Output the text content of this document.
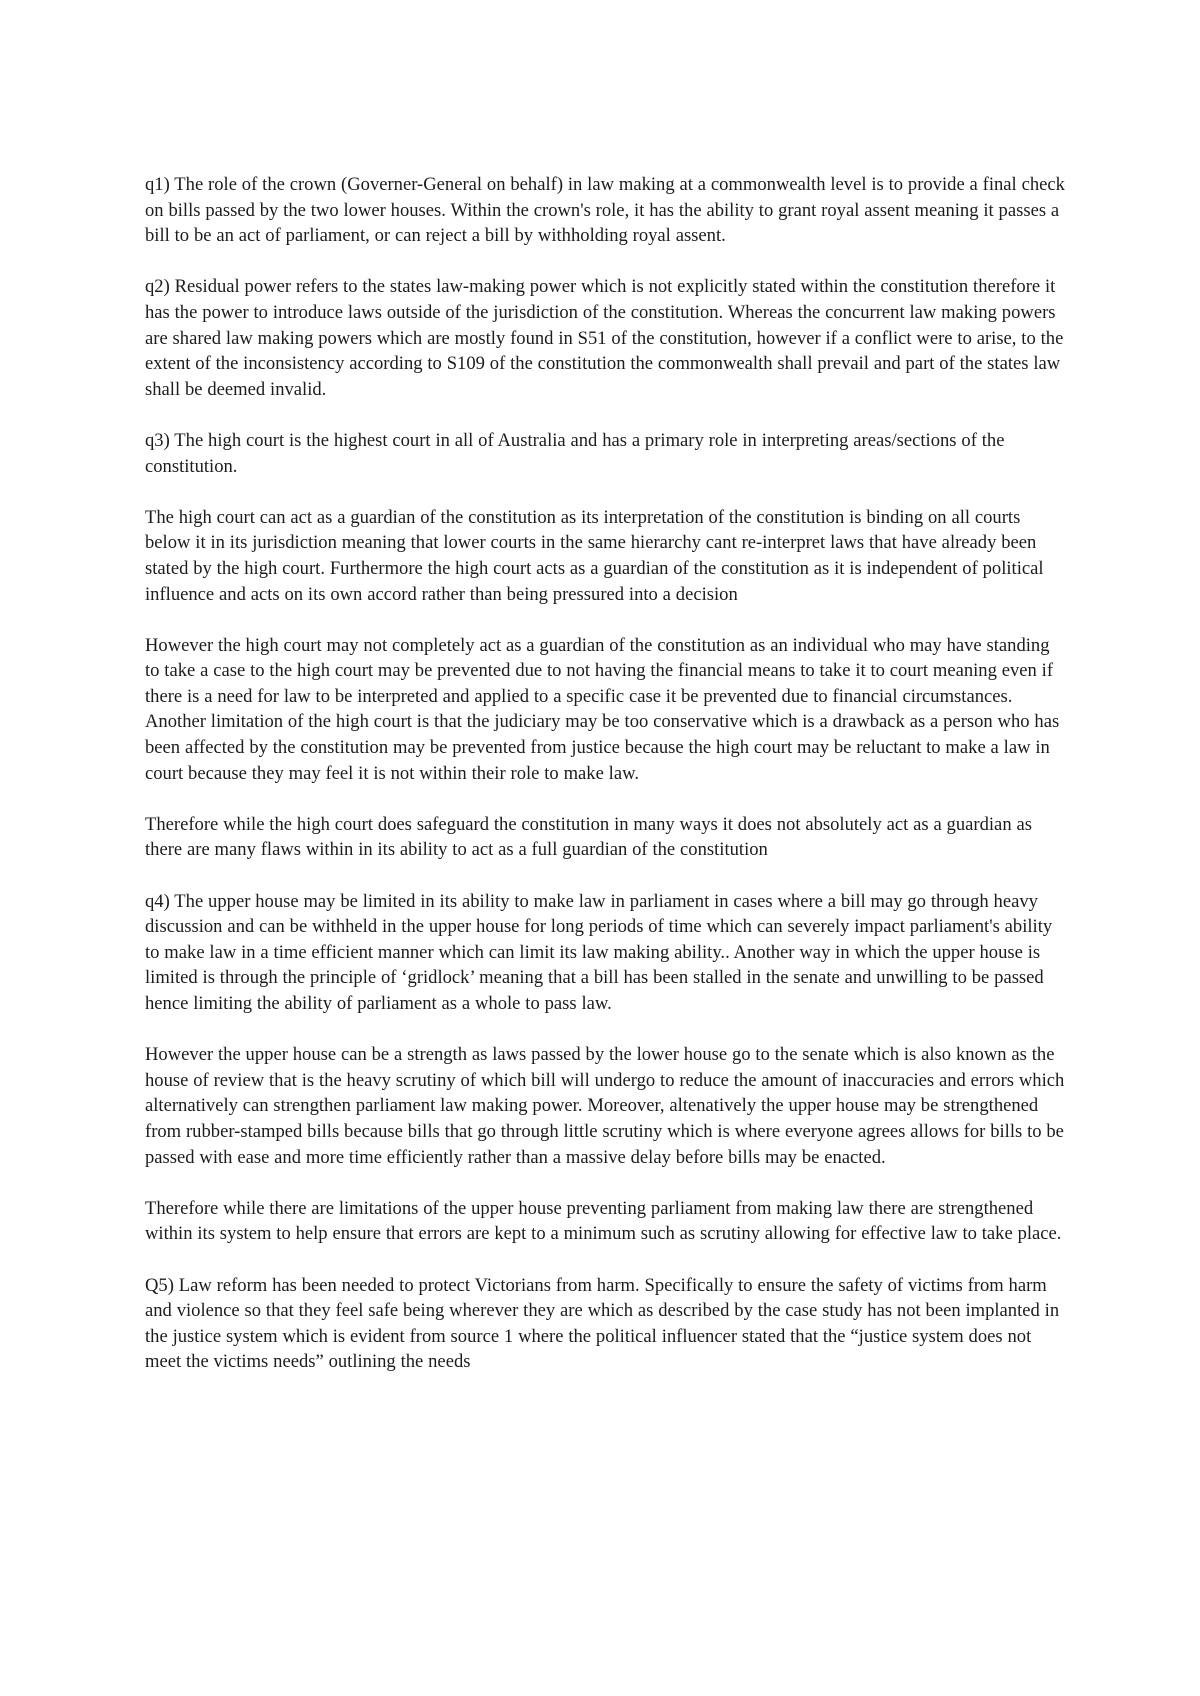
q1) The role of the crown (Governer-General on behalf) in law making at a commonwealth level is to provide a final check on bills passed by the two lower houses. Within the crown's role, it has the ability to grant royal assent meaning it passes a bill to be an act of parliament, or can reject a bill by withholding royal assent.

q2) Residual power refers to the states law-making power which is not explicitly stated within the constitution therefore it has the power to introduce laws outside of the jurisdiction of the constitution. Whereas the concurrent law making powers are shared law making powers which are mostly found in S51 of the constitution, however if a conflict were to arise, to the extent of the inconsistency according to S109 of the constitution the commonwealth shall prevail and part of the states law shall be deemed invalid.

q3) The high court is the highest court in all of Australia and has a primary role in interpreting areas/sections of the constitution.

The high court can act as a guardian of the constitution as its interpretation of the constitution is binding on all courts below it in its jurisdiction meaning that lower courts in the same hierarchy cant re-interpret laws that have already been stated by the high court. Furthermore the high court acts as a guardian of the constitution as it is independent of political influence and acts on its own accord rather than being pressured into a decision

However the high court may not completely act as a guardian of the constitution as an individual who may have standing to take a case to the high court may be prevented due to not having the financial means to take it to court meaning even if there is a need for law to be interpreted and applied to a specific case it be prevented due to financial circumstances. Another limitation of the high court is that the judiciary may be too conservative which is a drawback as a person who has been affected by the constitution may be prevented from justice because the high court may be reluctant to make a law in court because they may feel it is not within their role to make law.

Therefore while the high court does safeguard the constitution in many ways it does not absolutely act as a guardian as there are many flaws within in its ability to act as a full guardian of the constitution

q4) The upper house may be limited in its ability to make law in parliament in cases where a bill may go through heavy discussion and can be withheld in the upper house for long periods of time which can severely impact parliament's ability to make law in a time efficient manner which can limit its law making ability.. Another way in which the upper house is limited is through the principle of ‘gridlock’ meaning that a bill has been stalled in the senate and unwilling to be passed hence limiting the ability of parliament as a whole to pass law.

However the upper house can be a strength as laws passed by the lower house go to the senate which is also known as the house of review that is the heavy scrutiny of which bill will undergo to reduce the amount of inaccuracies and errors which alternatively can strengthen parliament law making power. Moreover, altenatively the upper house may be strengthened from rubber-stamped bills because bills that go through little scrutiny which is where everyone agrees allows for bills to be passed with ease and more time efficiently rather than a massive delay before bills may be enacted.

Therefore while there are limitations of the upper house preventing parliament from making law there are strengthened within its system to help ensure that errors are kept to a minimum such as scrutiny allowing for effective law to take place.

Q5) Law reform has been needed to protect Victorians from harm. Specifically to ensure the safety of victims from harm and violence so that they feel safe being wherever they are which as described by the case study has not been implanted in the justice system which is evident from source 1 where the political influencer stated that the “justice system does not meet the victims needs” outlining the needs
